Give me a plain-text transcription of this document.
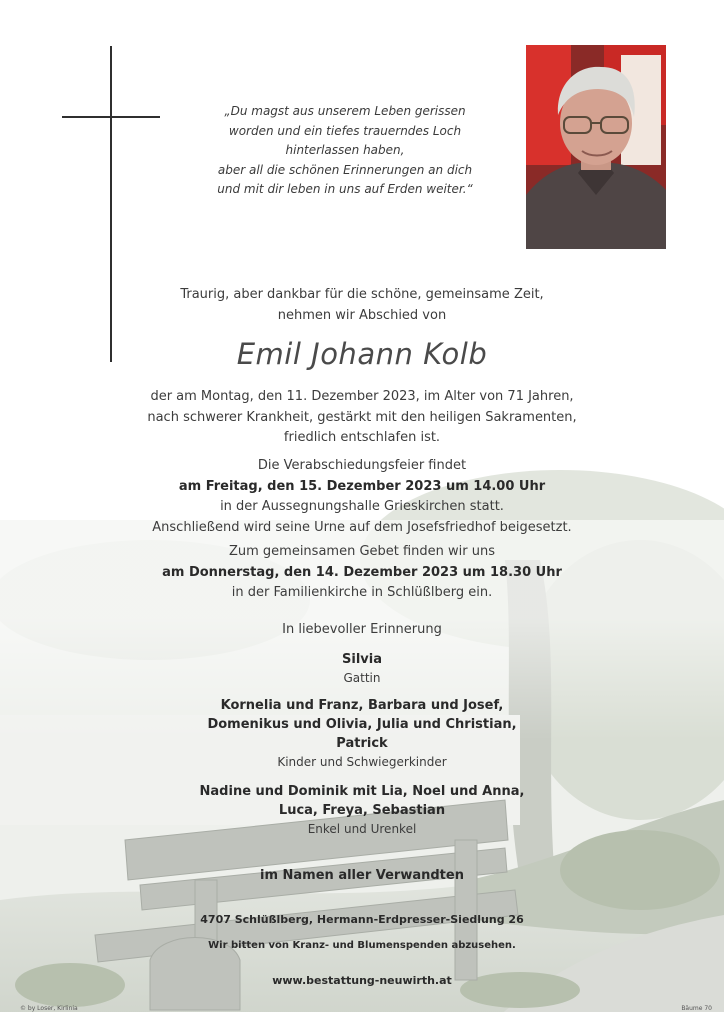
„Du magst aus unserem Leben gerissen
worden und ein tiefes trauerndes Loch
hinterlassen haben,
aber all die schönen Erinnerungen an dich
und mit dir leben in uns auf Erden weiter.“
Traurig, aber dankbar für die schöne, gemeinsame Zeit,
nehmen wir Abschied von
Emil Johann Kolb
der am Montag, den 11. Dezember 2023, im Alter von 71 Jahren,
nach schwerer Krankheit, gestärkt mit den heiligen Sakramenten,
friedlich entschlafen ist.
Die Verabschiedungsfeier findet
am Freitag, den 15. Dezember 2023 um 14.00 Uhr
in der Aussegnungshalle Grieskirchen statt.
Anschließend wird seine Urne auf dem Josefsfriedhof beigesetzt.
Zum gemeinsamen Gebet finden wir uns
am Donnerstag, den 14. Dezember 2023 um 18.30 Uhr
in der Familienkirche in Schlüßlberg ein.
In liebevoller Erinnerung
Silvia
Gattin
Kornelia und Franz, Barbara und Josef,
Domenikus und Olivia, Julia und Christian,
Patrick
Kinder und Schwiegerkinder
Nadine und Dominik mit Lia, Noel und Anna,
Luca, Freya, Sebastian
Enkel und Urenkel
im Namen aller Verwandten
4707 Schlüßlberg, Hermann-Erdpresser-Siedlung 26
Wir bitten von Kranz- und Blumenspenden abzusehen.
www.bestattung-neuwirth.at
© by Loser, Kirlinia	Bäume 70
